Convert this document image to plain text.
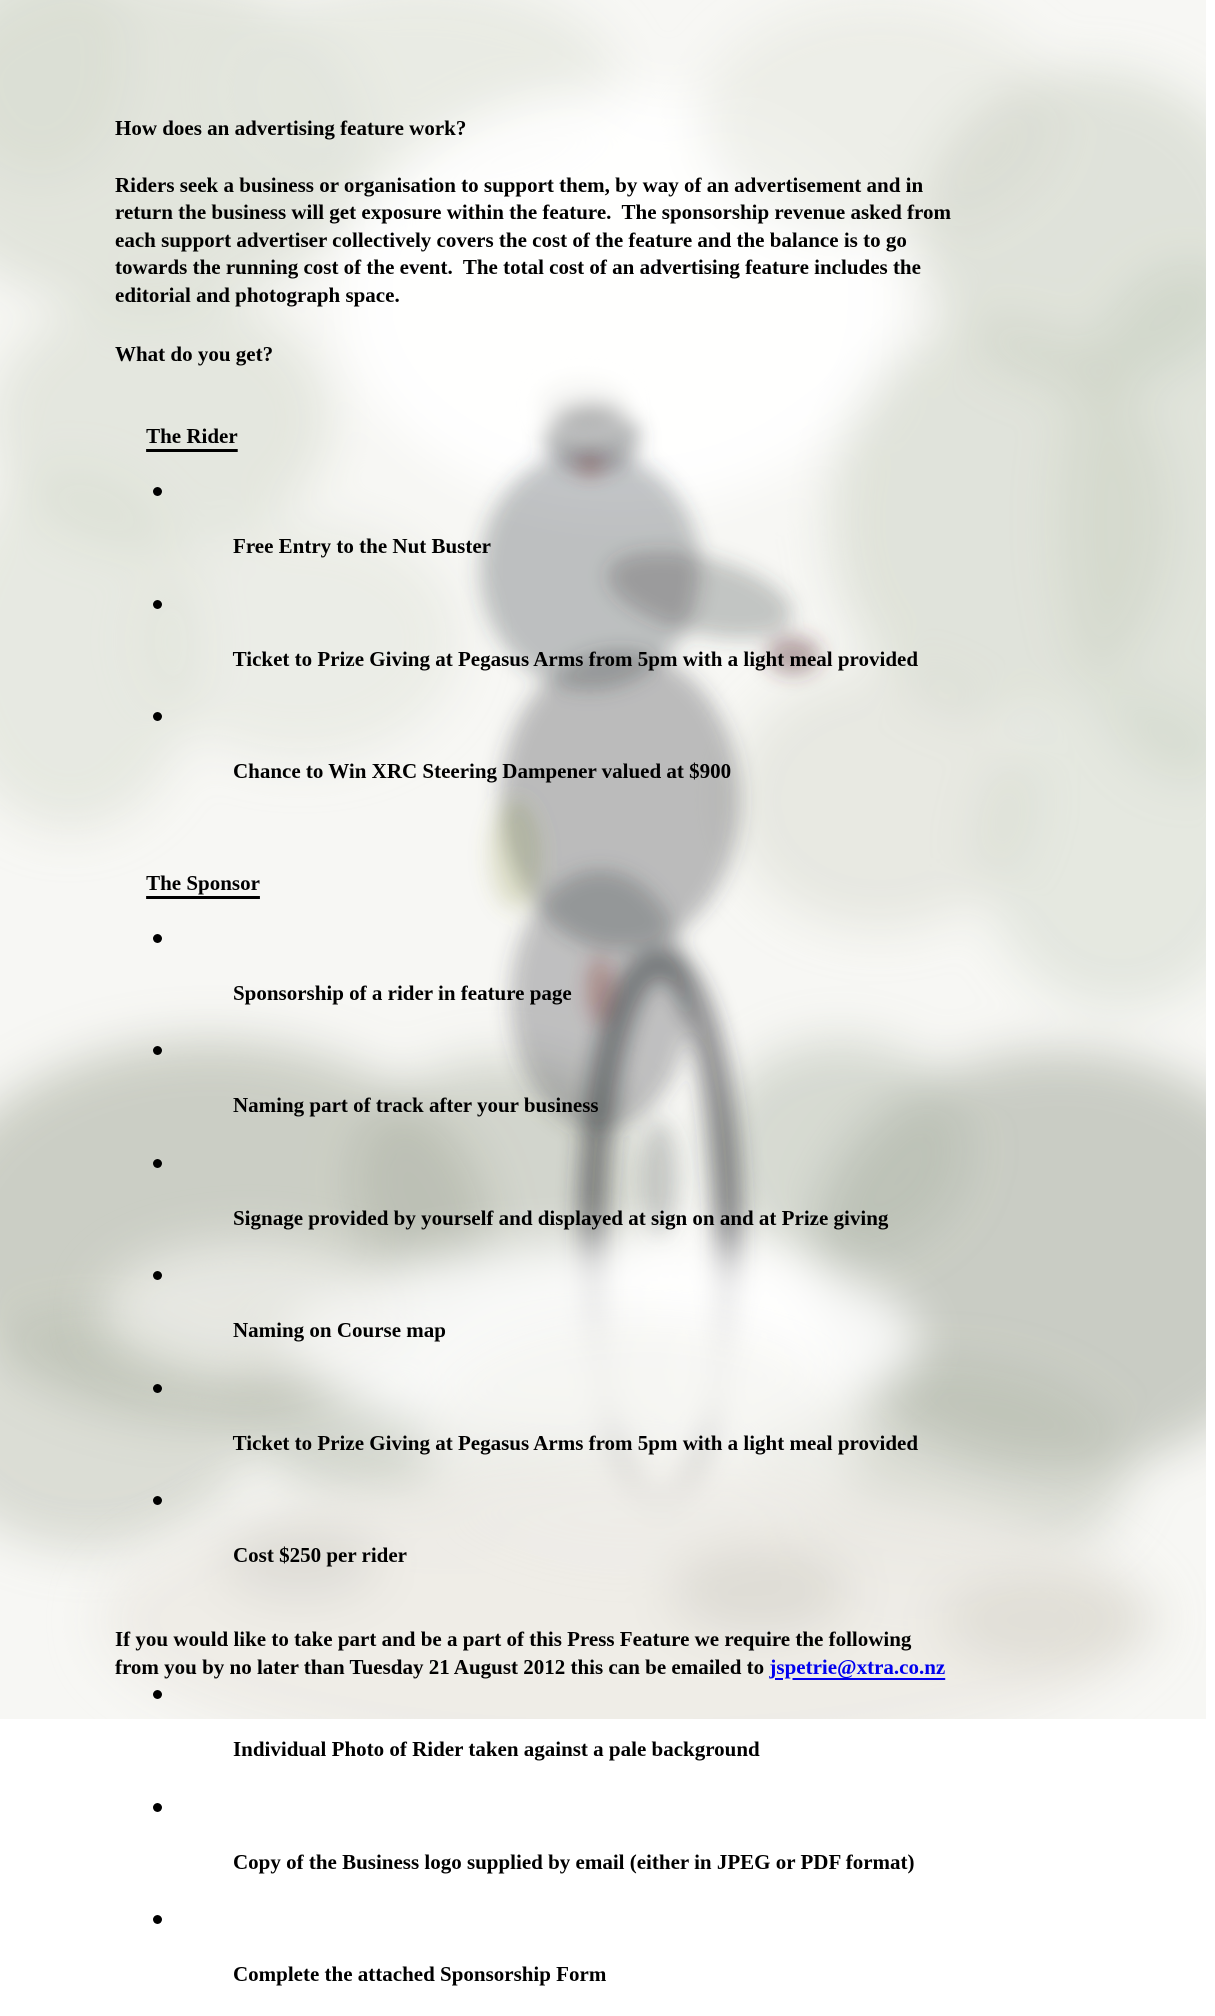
How does an advertising feature work?
Riders seek a business or organisation to support them, by way of an advertisement and in
return the business will get exposure within the feature.  The sponsorship revenue asked from
each support advertiser collectively covers the cost of the feature and the balance is to go
towards the running cost of the event.  The total cost of an advertising feature includes the
editorial and photograph space.
What do you get?

The Rider

Free Entry to the Nut Buster

Ticket to Prize Giving at Pegasus Arms from 5pm with a light meal provided

Chance to Win XRC Steering Dampener valued at $900

The Sponsor

Sponsorship of a rider in feature page

Naming part of track after your business

Signage provided by yourself and displayed at sign on and at Prize giving

Naming on Course map

Ticket to Prize Giving at Pegasus Arms from 5pm with a light meal provided

Cost $250 per rider

If you would like to take part and be a part of this Press Feature we require the following
from you by no later than Tuesday 21 August 2012 this can be emailed to jspetrie@xtra.co.nz

Individual Photo of Rider taken against a pale background

Copy of the Business logo supplied by email (either in JPEG or PDF format)

Complete the attached Sponsorship Form
